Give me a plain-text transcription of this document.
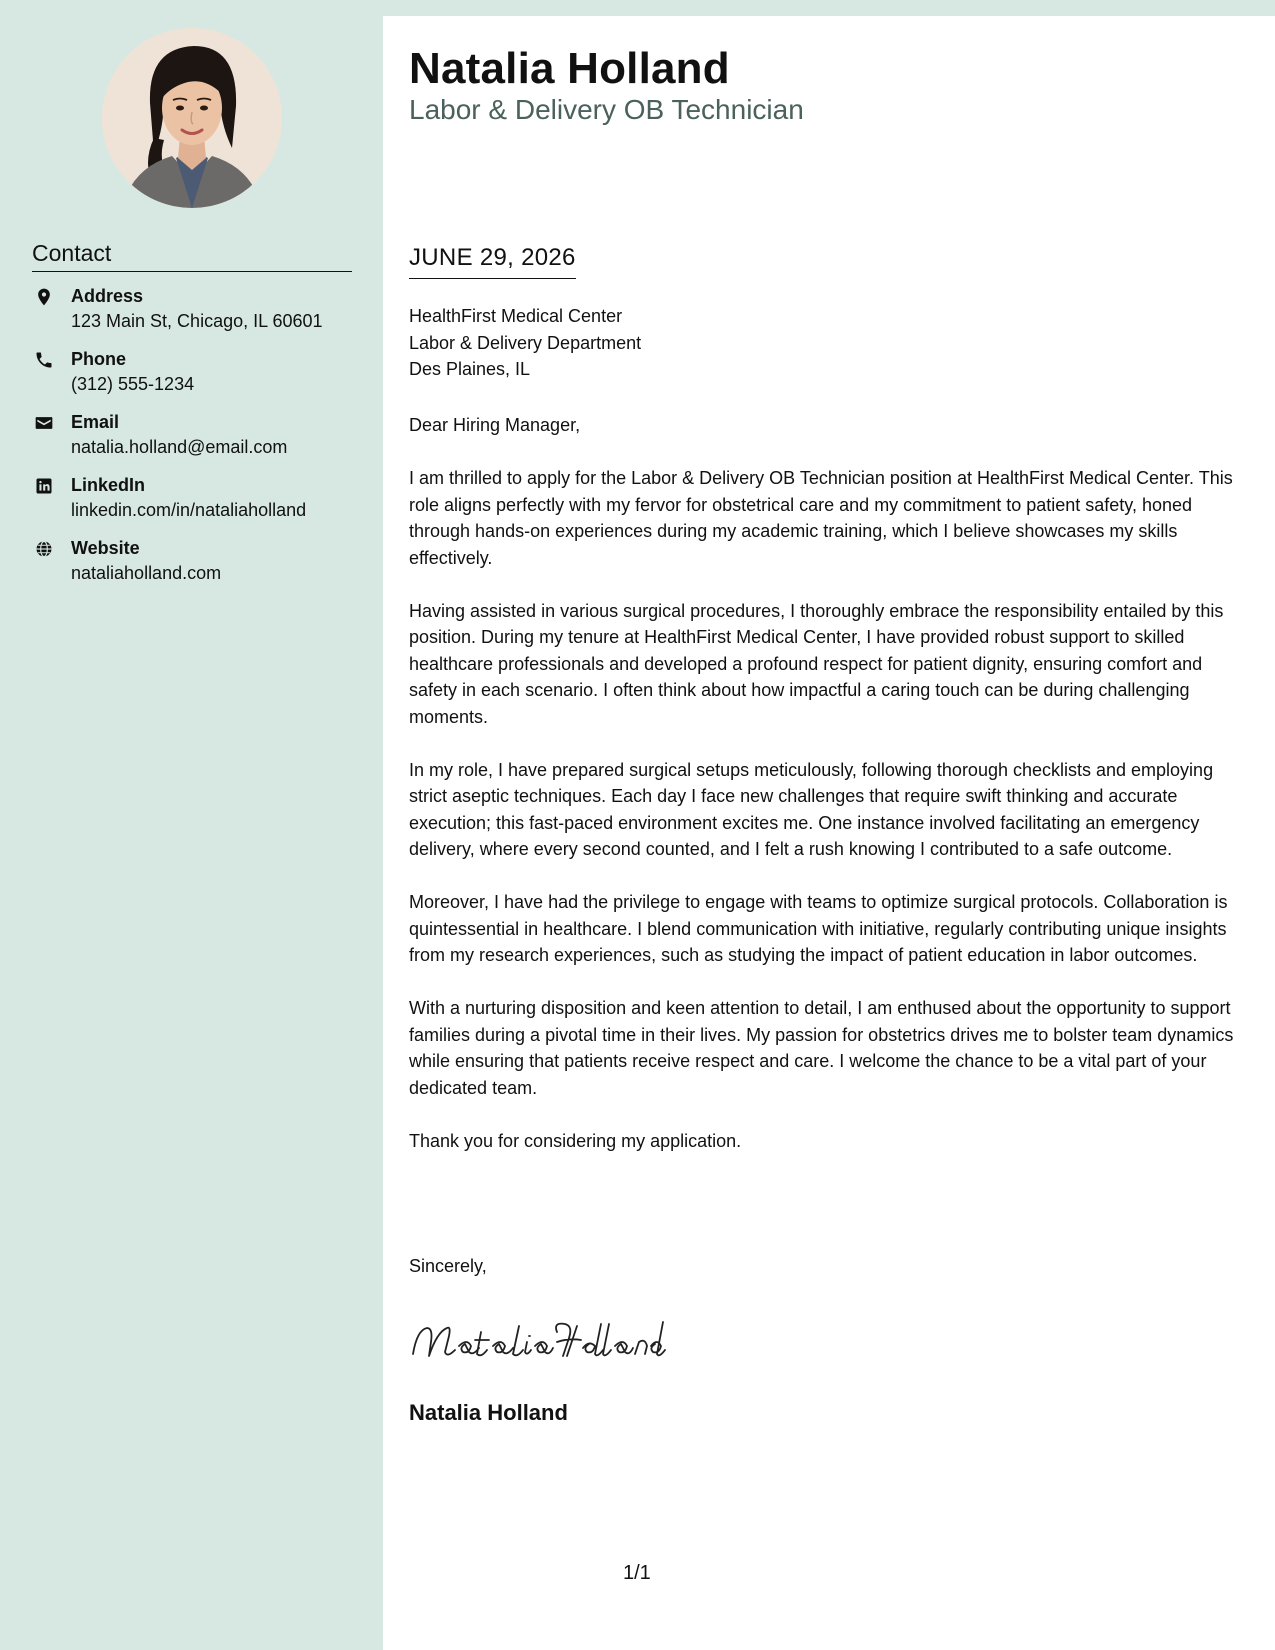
Contact
Address
123 Main St, Chicago, IL 60601
Phone
(312) 555-1234
Email
natalia.holland@email.com
LinkedIn
linkedin.com/in/nataliaholland
Website
nataliaholland.com
Natalia Holland
Labor & Delivery OB Technician
JUNE 29, 2026
HealthFirst Medical Center
Labor & Delivery Department
Des Plaines, IL

Dear Hiring Manager,

I am thrilled to apply for the Labor & Delivery OB Technician position at HealthFirst Medical Center. This role aligns perfectly with my fervor for obstetrical care and my commitment to patient safety, honed through hands-on experiences during my academic training, which I believe showcases my skills effectively.

Having assisted in various surgical procedures, I thoroughly embrace the responsibility entailed by this position. During my tenure at HealthFirst Medical Center, I have provided robust support to skilled healthcare professionals and developed a profound respect for patient dignity, ensuring comfort and safety in each scenario. I often think about how impactful a caring touch can be during challenging moments.

In my role, I have prepared surgical setups meticulously, following thorough checklists and employing strict aseptic techniques. Each day I face new challenges that require swift thinking and accurate execution; this fast-paced environment excites me. One instance involved facilitating an emergency delivery, where every second counted, and I felt a rush knowing I contributed to a safe outcome.

Moreover, I have had the privilege to engage with teams to optimize surgical protocols. Collaboration is quintessential in healthcare. I blend communication with initiative, regularly contributing unique insights from my research experiences, such as studying the impact of patient education in labor outcomes.

With a nurturing disposition and keen attention to detail, I am enthused about the opportunity to support families during a pivotal time in their lives. My passion for obstetrics drives me to bolster team dynamics while ensuring that patients receive respect and care. I welcome the chance to be a vital part of your dedicated team.

Thank you for considering my application.

Sincerely,
Natalia Holland
1/1
